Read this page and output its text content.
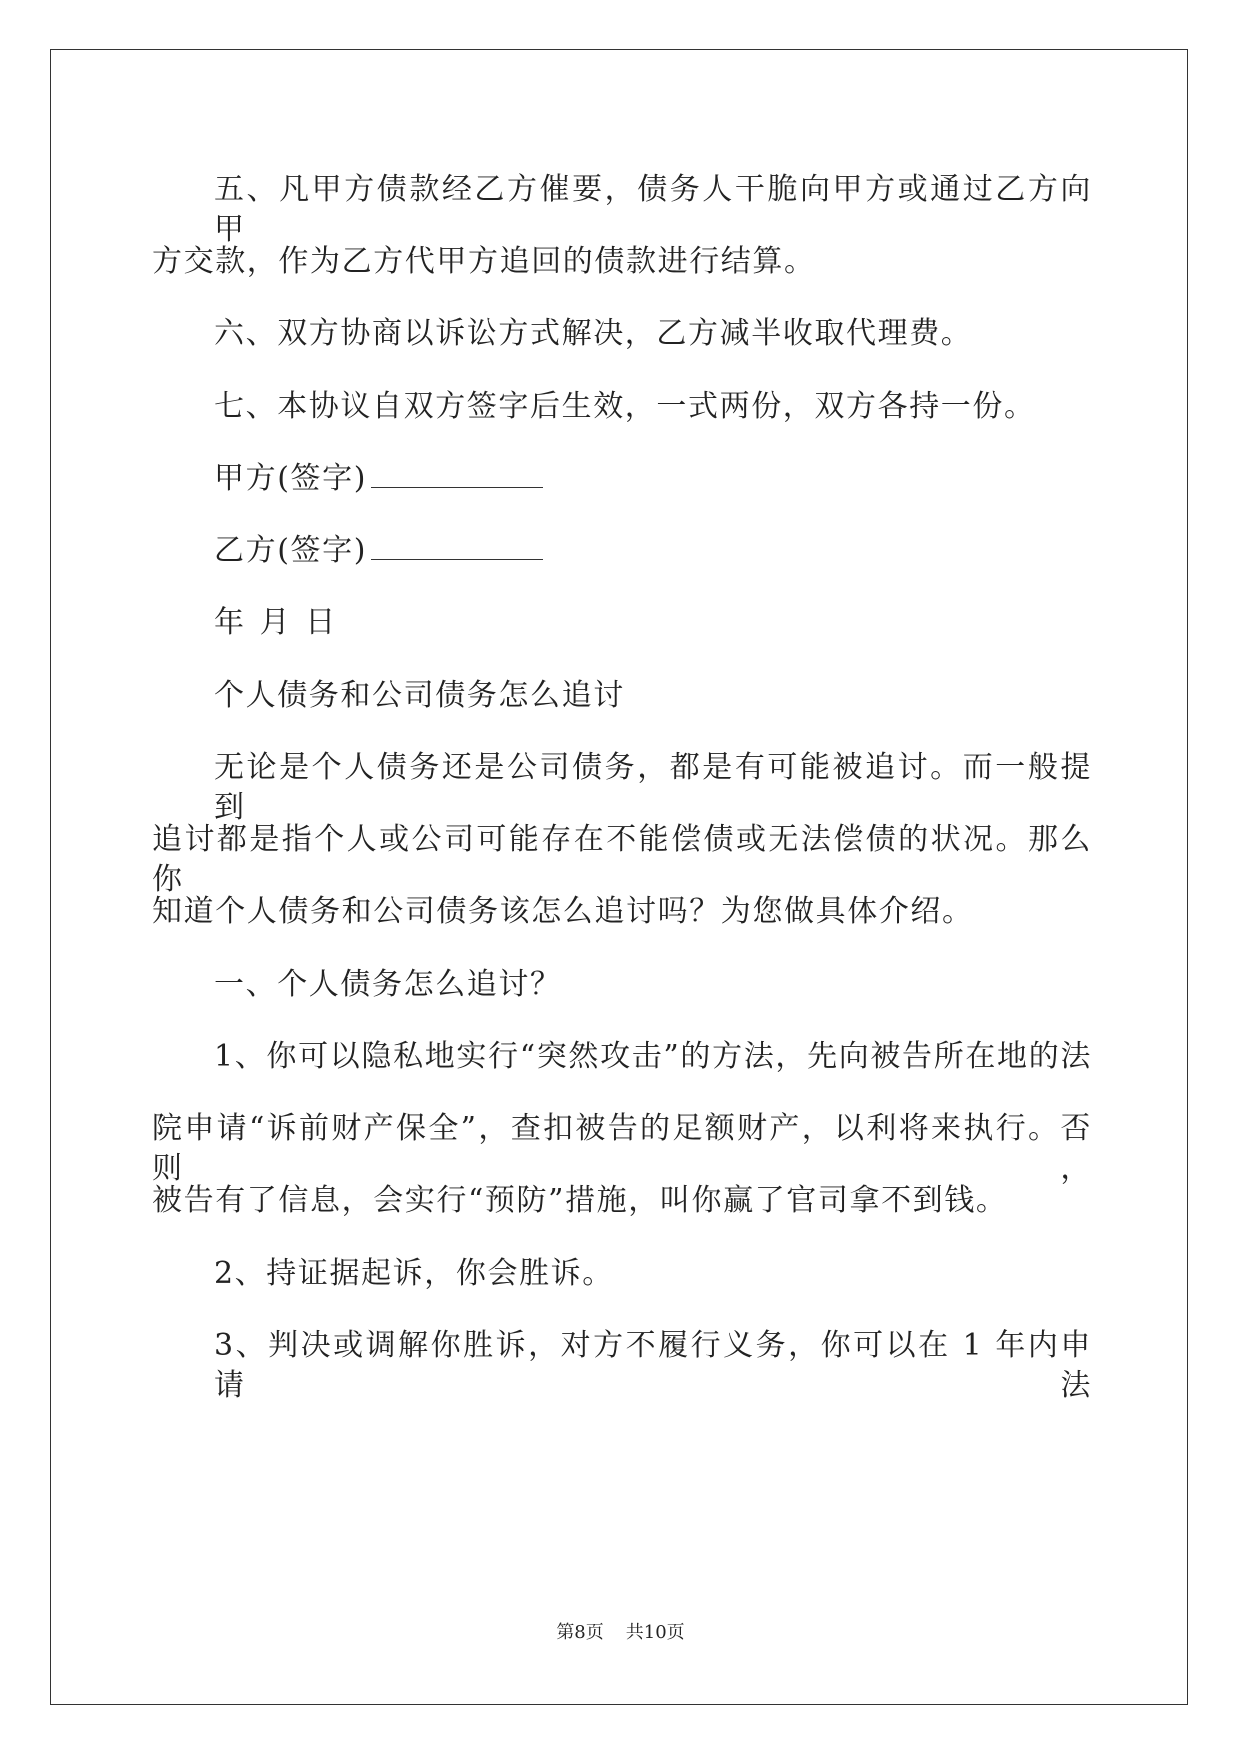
五、凡甲方债款经乙方催要，债务人干脆向甲方或通过乙方向甲
方交款，作为乙方代甲方追回的债款进行结算。
六、双方协商以诉讼方式解决，乙方减半收取代理费。
七、本协议自双方签字后生效，一式两份，双方各持一份。
甲方(签字)
乙方(签字)
年 月 日
个人债务和公司债务怎么追讨
无论是个人债务还是公司债务，都是有可能被追讨。而一般提到
追讨都是指个人或公司可能存在不能偿债或无法偿债的状况。那么你
知道个人债务和公司债务该怎么追讨吗？为您做具体介绍。
一、个人债务怎么追讨？
1、你可以隐私地实行“突然攻击”的方法，先向被告所在地的法
院申请“诉前财产保全”，查扣被告的足额财产，以利将来执行。否则，
被告有了信息，会实行“预防”措施，叫你赢了官司拿不到钱。
2、持证据起诉，你会胜诉。
3、判决或调解你胜诉，对方不履行义务，你可以在 1 年内申请法
第8页 共10页
